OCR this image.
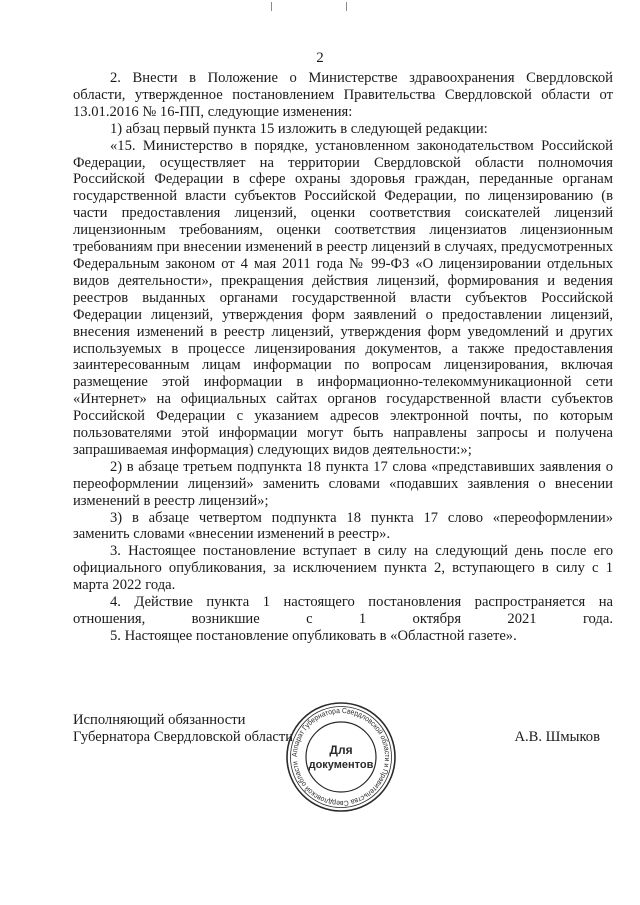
2

2. Внести в Положение о Министерстве здравоохранения Свердловской области, утвержденное постановлением Правительства Свердловской области от 13.01.2016 № 16-ПП, следующие изменения:

1) абзац первый пункта 15 изложить в следующей редакции:

«15. Министерство в порядке, установленном законодательством Российской Федерации, осуществляет на территории Свердловской области полномочия Российской Федерации в сфере охраны здоровья граждан, переданные органам государственной власти субъектов Российской Федерации, по лицензированию (в части предоставления лицензий, оценки соответствия соискателей лицензий лицензионным требованиям, оценки соответствия лицензиатов лицензионным требованиям при внесении изменений в реестр лицензий в случаях, предусмотренных Федеральным законом от 4 мая 2011 года № 99-ФЗ «О лицензировании отдельных видов деятельности», прекращения действия лицензий, формирования и ведения реестров выданных органами государственной власти субъектов Российской Федерации лицензий, утверждения форм заявлений о предоставлении лицензий, внесения изменений в реестр лицензий, утверждения форм уведомлений и других используемых в процессе лицензирования документов, а также предоставления заинтересованным лицам информации по вопросам лицензирования, включая размещение этой информации в информационно-телекоммуникационной сети «Интернет» на официальных сайтах органов государственной власти субъектов Российской Федерации с указанием адресов электронной почты, по которым пользователями этой информации могут быть направлены запросы и получена запрашиваемая информация) следующих видов деятельности:»;

2) в абзаце третьем подпункта 18 пункта 17 слова «представивших заявления о переоформлении лицензий» заменить словами «подавших заявления о внесении изменений в реестр лицензий»;

3) в абзаце четвертом подпункта 18 пункта 17 слово «переоформлении» заменить словами «внесении изменений в реестр».

3. Настоящее постановление вступает в силу на следующий день после его официального опубликования, за исключением пункта 2, вступающего в силу с 1 марта 2022 года.

4. Действие пункта 1 настоящего постановления распространяется на отношения, возникшие с 1 октября 2021 года.

5. Настоящее постановление опубликовать в «Областной газете».

Исполняющий обязанности
Губернатора Свердловской области	А.В. Шмыков
Аппарат Губернатора Свердловской области и Правительства Свердловской области
Для
документов
